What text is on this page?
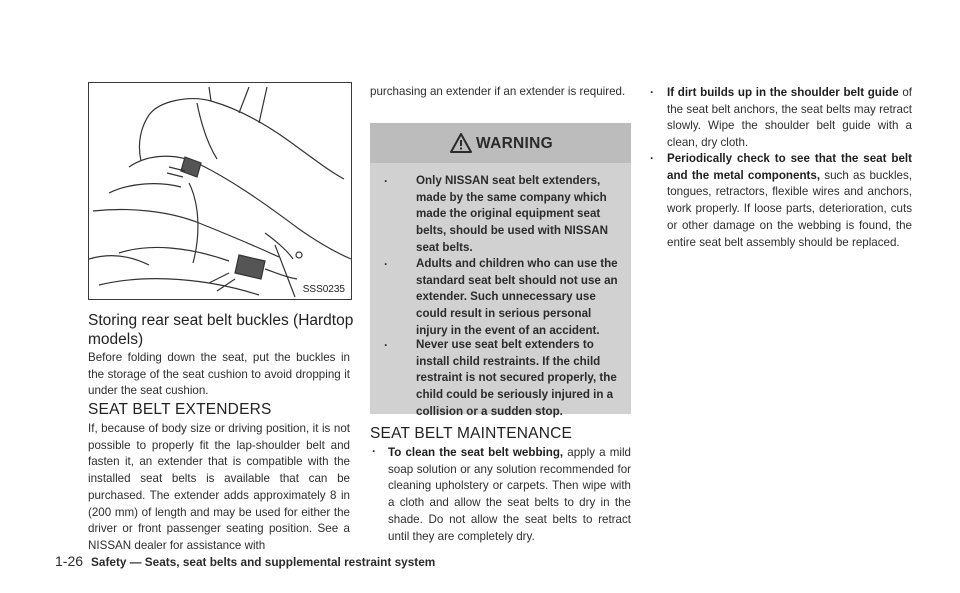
SSS0235
Storing rear seat belt buckles (Hardtop models)

Before folding down the seat, put the buckles in the storage of the seat cushion to avoid dropping it under the seat cushion.

SEAT BELT EXTENDERS

If, because of body size or driving position, it is not possible to properly fit the lap-shoulder belt and fasten it, an extender that is compatible with the installed seat belts is available that can be purchased. The extender adds approximately 8 in (200 mm) of length and may be used for either the driver or front passenger seating position. See a NISSAN dealer for assistance with

purchasing an extender if an extender is required.

WARNING
. Only NISSAN seat belt extenders, made by the same company which made the original equipment seat belts, should be used with NISSAN seat belts.

. Adults and children who can use the standard seat belt should not use an extender. Such unnecessary use could result in serious personal injury in the event of an accident.

. Never use seat belt extenders to install child restraints. If the child restraint is not secured properly, the child could be seriously injured in a collision or a sudden stop.

SEAT BELT MAINTENANCE
. To clean the seat belt webbing, apply a mild soap solution or any solution recommended for cleaning upholstery or carpets. Then wipe with a cloth and allow the seat belts to dry in the shade. Do not allow the seat belts to retract until they are completely dry.

. If dirt builds up in the shoulder belt guide of the seat belt anchors, the seat belts may retract slowly. Wipe the shoulder belt guide with a clean, dry cloth.

. Periodically check to see that the seat belt and the metal components, such as buckles, tongues, retractors, flexible wires and anchors, work properly. If loose parts, deterioration, cuts or other damage on the webbing is found, the entire seat belt assembly should be replaced.

1-26 Safety — Seats, seat belts and supplemental restraint system
